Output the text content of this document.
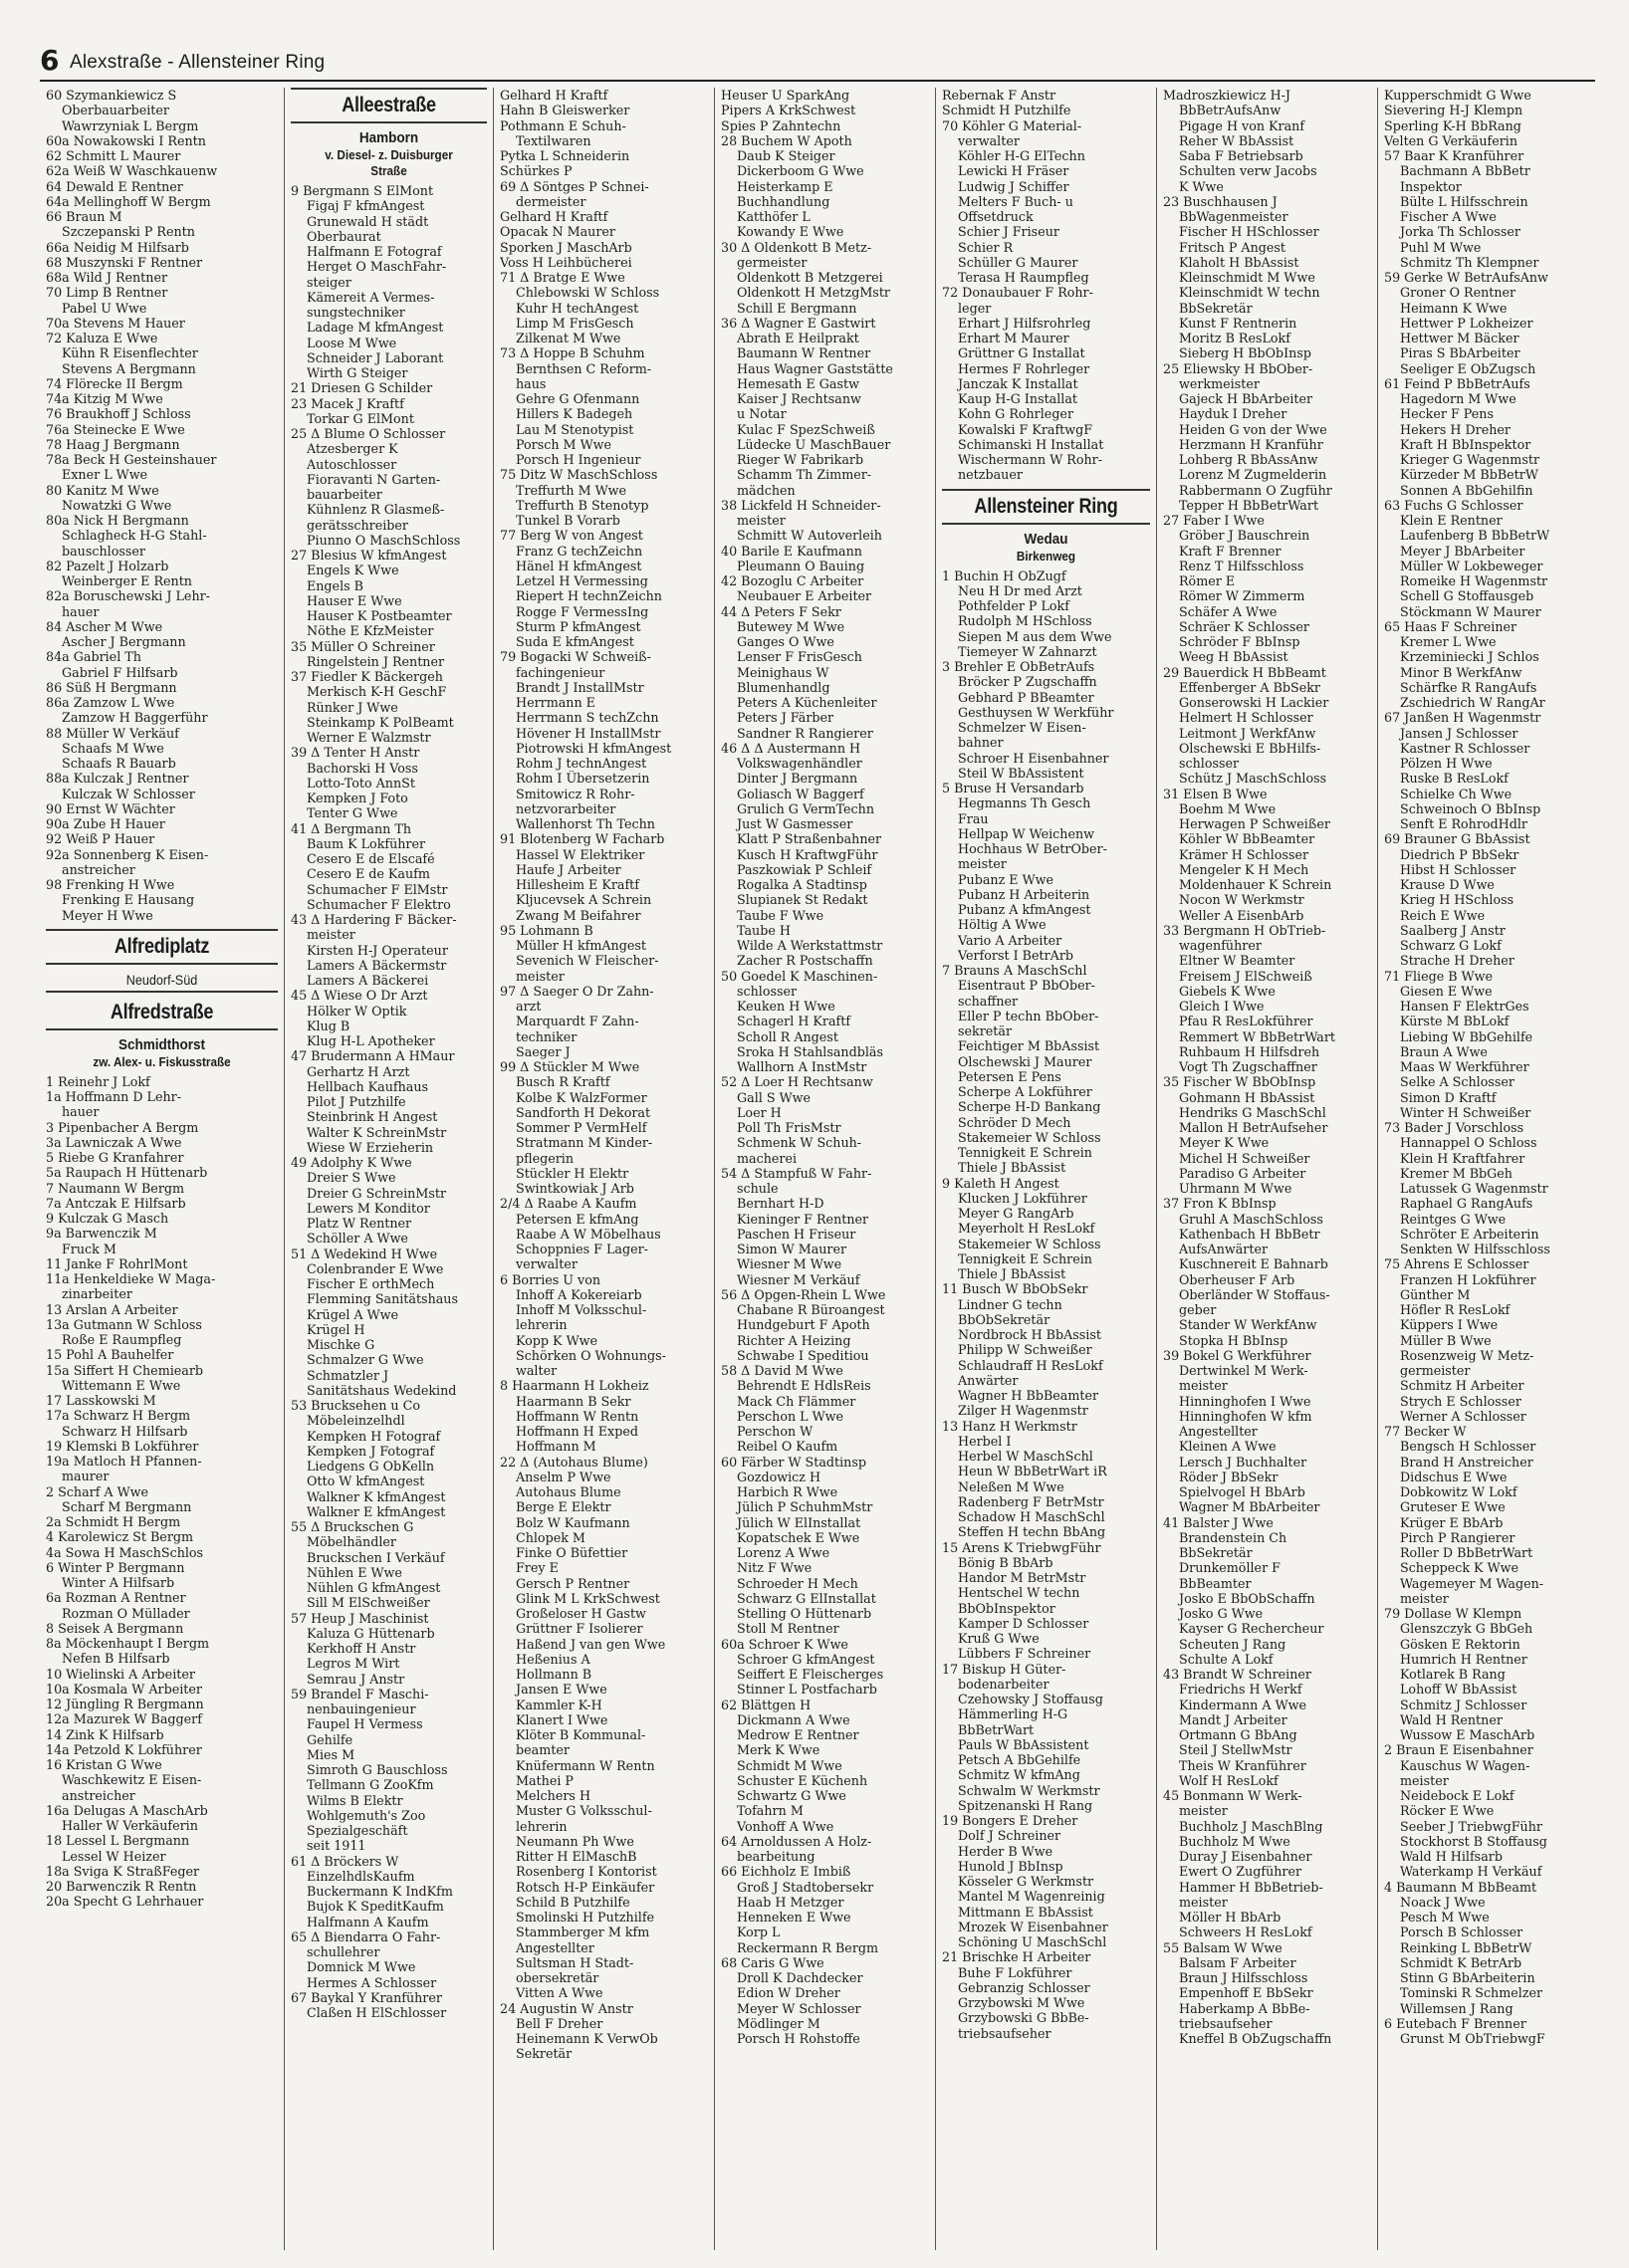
6 Alexstraße - Allensteiner Ring
60 Szymankiewicz S
Oberbauarbeiter
Wawrzyniak L Bergm
60a Nowakowski I Rentn
62 Schmitt L Maurer
62a Weiß W Waschkauenw
64 Dewald E Rentner
64a Mellinghoff W Bergm
66 Braun M
Szczepanski P Rentn
66a Neidig M Hilfsarb
68 Muszynski F Rentner
68a Wild J Rentner
70 Limp B Rentner
Pabel U Wwe
70a Stevens M Hauer
72 Kaluza E Wwe
Kühn R Eisenflechter
Stevens A Bergmann
74 Flörecke II Bergm
74a Kitzig M Wwe
76 Braukhoff J Schloss
76a Steinecke E Wwe
78 Haag J Bergmann
78a Beck H Gesteinshauer
Exner L Wwe
80 Kanitz M Wwe
Nowatzki G Wwe
80a Nick H Bergmann
Schlagheck H-G Stahl-
bauschlosser
82 Pazelt J Holzarb
Weinberger E Rentn
82a Boruschewski J Lehr-
hauer
84 Ascher M Wwe
Ascher J Bergmann
84a Gabriel Th
Gabriel F Hilfsarb
86 Süß H Bergmann
86a Zamzow L Wwe
Zamzow H Baggerführ
88 Müller W Verkäuf
Schaafs M Wwe
Schaafs R Bauarb
88a Kulczak J Rentner
Kulczak W Schlosser
90 Ernst W Wächter
90a Zube H Hauer
92 Weiß P Hauer
92a Sonnenberg K Eisen-
anstreicher
98 Frenking H Wwe
Frenking E Hausang
Meyer H Wwe
Alfrediplatz
Neudorf-Süd
Alfredstraße
Schmidthorst
zw. Alex- u. Fiskusstraße
1 Reinehr J Lokf
1a Hoffmann D Lehr-
hauer
3 Pipenbacher A Bergm
3a Lawniczak A Wwe
5 Riebe G Kranfahrer
5a Raupach H Hüttenarb
7 Naumann W Bergm
7a Antczak E Hilfsarb
9 Kulczak G Masch
9a Barwenczik M
Fruck M
11 Janke F RohrlMont
11a Henkeldieke W Maga-
zinarbeiter
13 Arslan A Arbeiter
13a Gutmann W Schloss
Roße E Raumpfleg
15 Pohl A Bauhelfer
15a Siffert H Chemiearb
Wittemann E Wwe
17 Lasskowski M
17a Schwarz H Bergm
Schwarz H Hilfsarb
19 Klemski B Lokführer
19a Matloch H Pfannen-
maurer
2 Scharf A Wwe
Scharf M Bergmann
2a Schmidt H Bergm
4 Karolewicz St Bergm
4a Sowa H MaschSchlos
6 Winter P Bergmann
Winter A Hilfsarb
6a Rozman A Rentner
Rozman O Müllader
8 Seisek A Bergmann
8a Möckenhaupt I Bergm
Nefen B Hilfsarb
10 Wielinski A Arbeiter
10a Kosmala W Arbeiter
12 Jüngling R Bergmann
12a Mazurek W Baggerf
14 Zink K Hilfsarb
14a Petzold K Lokführer
16 Kristan G Wwe
Waschkewitz E Eisen-
anstreicher
16a Delugas A MaschArb
Haller W Verkäuferin
18 Lessel L Bergmann
Lessel W Heizer
18a Sviga K StraßFeger
20 Barwenczik R Rentn
20a Specht G Lehrhauer
Alleestraße
Hamborn
v. Diesel- z. Duisburger
Straße
9 Bergmann S ElMont
Figaj F kfmAngest
Grunewald H städt
Oberbaurat
Halfmann E Fotograf
Herget O MaschFahr-
steiger
Kämereit A Vermes-
sungstechniker
Ladage M kfmAngest
Loose M Wwe
Schneider J Laborant
Wirth G Steiger
21 Driesen G Schilder
23 Macek J Kraftf
Torkar G ElMont
25 Δ Blume O Schlosser
Atzesberger K
Autoschlosser
Fioravanti N Garten-
bauarbeiter
Kühnlenz R Glasmeß-
gerätsschreiber
Piunno O MaschSchloss
27 Blesius W kfmAngest
Engels K Wwe
Engels B
Hauser E Wwe
Hauser K Postbeamter
Nöthe E KfzMeister
35 Müller O Schreiner
Ringelstein J Rentner
37 Fiedler K Bäckergeh
Merkisch K-H GeschF
Rünker J Wwe
Steinkamp K PolBeamt
Werner E Walzmstr
39 Δ Tenter H Anstr
Bachorski H Voss
Lotto-Toto AnnSt
Kempken J Foto
Tenter G Wwe
41 Δ Bergmann Th
Baum K Lokführer
Cesero E de Elscafé
Cesero E de Kaufm
Schumacher F ElMstr
Schumacher F Elektro
43 Δ Hardering F Bäcker-
meister
Kirsten H-J Operateur
Lamers A Bäckermstr
Lamers A Bäckerei
45 Δ Wiese O Dr Arzt
Hölker W Optik
Klug B
Klug H-L Apotheker
47 Brudermann A HMaur
Gerhartz H Arzt
Hellbach Kaufhaus
Pilot J Putzhilfe
Steinbrink H Angest
Walter K SchreinMstr
Wiese W Erzieherin
49 Adolphy K Wwe
Dreier S Wwe
Dreier G SchreinMstr
Lewers M Konditor
Platz W Rentner
Schöller A Wwe
51 Δ Wedekind H Wwe
Colenbrander E Wwe
Fischer E orthMech
Flemming Sanitätshaus
Krügel A Wwe
Krügel H
Mischke G
Schmalzer G Wwe
Schmatzler J
Sanitätshaus Wedekind
53 Brucksehen u Co
Möbeleinzelhdl
Kempken H Fotograf
Kempken J Fotograf
Liedgens G ObKelln
Otto W kfmAngest
Walkner K kfmAngest
Walkner E kfmAngest
55 Δ Bruckschen G
Möbelhändler
Bruckschen I Verkäuf
Nühlen E Wwe
Nühlen G kfmAngest
Sill M ElSchweißer
57 Heup J Maschinist
Kaluza G Hüttenarb
Kerkhoff H Anstr
Legros M Wirt
Semrau J Anstr
59 Brandel F Maschi-
nenbauingenieur
Faupel H Vermess
Gehilfe
Mies M
Simroth G Bauschloss
Tellmann G ZooKfm
Wilms B Elektr
Wohlgemuth's Zoo
Spezialgeschäft
seit 1911
61 Δ Bröckers W
EinzelhdlsKaufm
Buckermann K IndKfm
Bujok K SpeditKaufm
Halfmann A Kaufm
65 Δ Biendarra O Fahr-
schullehrer
Domnick M Wwe
Hermes A Schlosser
67 Baykal Y Kranführer
Claßen H ElSchlosser
Gelhard H Kraftf
Hahn B Gleiswerker
Pothmann E Schuh-
Textilwaren
Pytka L Schneiderin
Schürkes P
69 Δ Söntges P Schnei-
dermeister
Gelhard H Kraftf
Opacak N Maurer
Sporken J MaschArb
Voss H Leihbücherei
71 Δ Bratge E Wwe
Chlebowski W Schloss
Kuhr H techAngest
Limp M FrisGesch
Zilkenat M Wwe
73 Δ Hoppe B Schuhm
Bernthsen C Reform-
haus
Gehre G Ofenmann
Hillers K Badegeh
Lau M Stenotypist
Porsch M Wwe
Porsch H Ingenieur
75 Ditz W MaschSchloss
Treffurth M Wwe
Treffurth B Stenotyp
Tunkel B Vorarb
77 Berg W von Angest
Franz G techZeichn
Hänel H kfmAngest
Letzel H Vermessing
Riepert H technZeichn
Rogge F VermessIng
Sturm P kfmAngest
Suda E kfmAngest
79 Bogacki W Schweiß-
fachingenieur
Brandt J InstallMstr
Herrmann E
Herrmann S techZchn
Hövener H InstallMstr
Piotrowski H kfmAngest
Rohm J technAngest
Rohm I Übersetzerin
Smitowicz R Rohr-
netzvorarbeiter
Wallenhorst Th Techn
91 Blotenberg W Facharb
Hassel W Elektriker
Haufe J Arbeiter
Hillesheim E Kraftf
Kljucevsek A Schrein
Zwang M Beifahrer
95 Lohmann B
Müller H kfmAngest
Sevenich W Fleischer-
meister
97 Δ Saeger O Dr Zahn-
arzt
Marquardt F Zahn-
techniker
Saeger J
99 Δ Stückler M Wwe
Busch R Kraftf
Kolbe K WalzFormer
Sandforth H Dekorat
Sommer P VermHelf
Stratmann M Kinder-
pflegerin
Stückler H Elektr
Swintkowiak J Arb
2/4 Δ Raabe A Kaufm
Petersen E kfmAng
Raabe A W Möbelhaus
Schoppnies F Lager-
verwalter
6 Borries U von
Inhoff A Kokereiarb
Inhoff M Volksschul-
lehrerin
Kopp K Wwe
Schörken O Wohnungs-
walter
8 Haarmann H Lokheiz
Haarmann B Sekr
Hoffmann W Rentn
Hoffmann H Exped
Hoffmann M
22 Δ (Autohaus Blume)
Anselm P Wwe
Autohaus Blume
Berge E Elektr
Bolz W Kaufmann
Chlopek M
Finke O Büfettier
Frey E
Gersch P Rentner
Glink M L KrkSchwest
Großeloser H Gastw
Grüttner F Isolierer
Haßend J van gen Wwe
Heßenius A
Hollmann B
Jansen E Wwe
Kammler K-H
Klanert I Wwe
Klöter B Kommunal-
beamter
Knüfermann W Rentn
Mathei P
Melchers H
Muster G Volksschul-
lehrerin
Neumann Ph Wwe
Ritter H ElMaschB
Rosenberg I Kontorist
Rotsch H-P Einkäufer
Schild B Putzhilfe
Smolinski H Putzhilfe
Stammberger M kfm
Angestellter
Sultsman H Stadt-
obersekretär
Vitten A Wwe
24 Augustin W Anstr
Bell F Dreher
Heinemann K VerwOb
Sekretär
Heuser U SparkAng
Pipers A KrkSchwest
Spies P Zahntechn
28 Buchem W Apoth
Daub K Steiger
Dickerboom G Wwe
Heisterkamp E
Buchhandlung
Katthöfer L
Kowandy E Wwe
30 Δ Oldenkott B Metz-
germeister
Oldenkott B Metzgerei
Oldenkott H MetzgMstr
Schill E Bergmann
36 Δ Wagner E Gastwirt
Abrath E Heilprakt
Baumann W Rentner
Haus Wagner Gaststätte
Hemesath E Gastw
Kaiser J Rechtsanw
u Notar
Kulac F SpezSchweiß
Lüdecke U MaschBauer
Rieger W Fabrikarb
Schamm Th Zimmer-
mädchen
38 Lickfeld H Schneider-
meister
Schmitt W Autoverleih
40 Barile E Kaufmann
Pleumann O Bauing
42 Bozoglu C Arbeiter
Neubauer E Arbeiter
44 Δ Peters F Sekr
Butewey M Wwe
Ganges O Wwe
Lenser F FrisGesch
Meinighaus W
Blumenhandlg
Peters A Küchenleiter
Peters J Färber
Sandner R Rangierer
46 Δ Δ Austermann H
Volkswagenhändler
Dinter J Bergmann
Goliasch W Baggerf
Grulich G VermTechn
Just W Gasmesser
Klatt P Straßenbahner
Kusch H KraftwgFühr
Paszkowiak P Schleif
Rogalka A Stadtinsp
Slupianek St Redakt
Taube F Wwe
Taube H
Wilde A Werkstattmstr
Zacher R Postschaffn
50 Goedel K Maschinen-
schlosser
Keuken H Wwe
Schagerl H Kraftf
Scholl R Angest
Sroka H Stahlsandbläs
Wallhorn A InstMstr
52 Δ Loer H Rechtsanw
Gall S Wwe
Loer H
Poll Th FrisMstr
Schmenk W Schuh-
macherei
54 Δ Stampfuß W Fahr-
schule
Bernhart H-D
Kieninger F Rentner
Paschen H Friseur
Simon W Maurer
Wiesner M Wwe
Wiesner M Verkäuf
56 Δ Opgen-Rhein L Wwe
Chabane R Büroangest
Hundgeburt F Apoth
Richter A Heizing
Schwabe I Speditiou
58 Δ David M Wwe
Behrendt E HdlsReis
Mack Ch Flämmer
Perschon L Wwe
Perschon W
Reibel O Kaufm
60 Färber W Stadtinsp
Gozdowicz H
Harbich R Wwe
Jülich P SchuhmMstr
Jülich W ElInstallat
Kopatschek E Wwe
Lorenz A Wwe
Nitz F Wwe
Schroeder H Mech
Schwarz G ElInstallat
Stelling O Hüttenarb
Stoll M Rentner
60a Schroer K Wwe
Schroer G kfmAngest
Seiffert E Fleischerges
Stinner L Postfacharb
62 Blättgen H
Dickmann A Wwe
Medrow E Rentner
Merk K Wwe
Schmidt M Wwe
Schuster E Küchenh
Schwartz G Wwe
Tofahrn M
Vonhoff A Wwe
64 Arnoldussen A Holz-
bearbeitung
66 Eichholz E Imbiß
Groß J Stadtobersekr
Haab H Metzger
Henneken E Wwe
Korp L
Reckermann R Bergm
68 Caris G Wwe
Droll K Dachdecker
Edion W Dreher
Meyer W Schlosser
Mödlinger M
Porsch H Rohstoffe
Rebernak F Anstr
Schmidt H Putzhilfe
70 Köhler G Material-
verwalter
Köhler H-G ElTechn
Lewicki H Fräser
Ludwig J Schiffer
Melters F Buch- u
Offsetdruck
Schier J Friseur
Schier R
Schüller G Maurer
Terasa H Raumpfleg
72 Donaubauer F Rohr-
leger
Erhart J Hilfsrohrleg
Erhart M Maurer
Grüttner G Installat
Hermes F Rohrleger
Janczak K Installat
Kaup H-G Installat
Kohn G Rohrleger
Kowalski F KraftwgF
Schimanski H Installat
Wischermann W Rohr-
netzbauer
Allensteiner Ring
Wedau
Birkenweg
1 Buchin H ObZugf
Neu H Dr med Arzt
Pothfelder P Lokf
Rudolph M HSchloss
Siepen M aus dem Wwe
Tiemeyer W Zahnarzt
3 Brehler E ObBetrAufs
Bröcker P Zugschaffn
Gebhard P BBeamter
Gesthuysen W Werkführ
Schmelzer W Eisen-
bahner
Schroer H Eisenbahner
Steil W BbAssistent
5 Bruse H Versandarb
Hegmanns Th Gesch
Frau
Hellpap W Weichenw
Hochhaus W BetrOber-
meister
Pubanz E Wwe
Pubanz H Arbeiterin
Pubanz A kfmAngest
Höltig A Wwe
Vario A Arbeiter
Verforst I BetrArb
7 Brauns A MaschSchl
Eisentraut P BbOber-
schaffner
Eller P techn BbOber-
sekretär
Feichtiger M BbAssist
Olschewski J Maurer
Petersen E Pens
Scherpe A Lokführer
Scherpe H-D Bankang
Schröder D Mech
Stakemeier W Schloss
Tennigkeit E Schrein
Thiele J BbAssist
9 Kaleth H Angest
Klucken J Lokführer
Meyer G RangArb
Meyerholt H ResLokf
Stakemeier W Schloss
Tennigkeit E Schrein
Thiele J BbAssist
11 Busch W BbObSekr
Lindner G techn
BbObSekretär
Nordbrock H BbAssist
Philipp W Schweißer
Schlaudraff H ResLokf
Anwärter
Wagner H BbBeamter
Zilger H Wagenmstr
13 Hanz H Werkmstr
Herbel I
Herbel W MaschSchl
Heun W BbBetrWart iR
Neleßen M Wwe
Radenberg F BetrMstr
Schadow H MaschSchl
Steffen H techn BbAng
15 Arens K TriebwgFühr
Bönig B BbArb
Handor M BetrMstr
Hentschel W techn
BbObInspektor
Kamper D Schlosser
Kruß G Wwe
Lübbers F Schreiner
17 Biskup H Güter-
bodenarbeiter
Czehowsky J Stoffausg
Hämmerling H-G
BbBetrWart
Pauls W BbAssistent
Petsch A BbGehilfe
Schmitz W kfmAng
Schwalm W Werkmstr
Spitzenanski H Rang
19 Bongers E Dreher
Dolf J Schreiner
Herder B Wwe
Hunold J BbInsp
Kösseler G Werkmstr
Mantel M Wagenreinig
Mittmann E BbAssist
Mrozek W Eisenbahner
Schöning U MaschSchl
21 Brischke H Arbeiter
Buhe F Lokführer
Gebranzig Schlosser
Grzybowski M Wwe
Grzybowski G BbBe-
triebsaufseher
Madroszkiewicz H-J
BbBetrAufsAnw
Pigage H von Kranf
Reher W BbAssist
Saba F Betriebsarb
Schulten verw Jacobs
K Wwe
23 Buschhausen J
BbWagenmeister
Fischer H HSchlosser
Fritsch P Angest
Klaholt H BbAssist
Kleinschmidt M Wwe
Kleinschmidt W techn
BbSekretär
Kunst F Rentnerin
Moritz B ResLokf
Sieberg H BbObInsp
25 Eliewsky H BbOber-
werkmeister
Gajeck H BbArbeiter
Hayduk I Dreher
Heiden G von der Wwe
Herzmann H Kranführ
Lohberg R BbAssAnw
Lorenz M Zugmelderin
Rabbermann O Zugführ
Tepper H BbBetrWart
27 Faber I Wwe
Gröber J Bauschrein
Kraft F Brenner
Renz T Hilfsschloss
Römer E
Römer W Zimmerm
Schäfer A Wwe
Schräer K Schlosser
Schröder F BbInsp
Weeg H BbAssist
29 Bauerdick H BbBeamt
Effenberger A BbSekr
Gonserowski H Lackier
Helmert H Schlosser
Leitmont J WerkfAnw
Olschewski E BbHilfs-
schlosser
Schütz J MaschSchloss
31 Elsen B Wwe
Boehm M Wwe
Herwagen P Schweißer
Köhler W BbBeamter
Krämer H Schlosser
Mengeler K H Mech
Moldenhauer K Schrein
Nocon W Werkmstr
Weller A EisenbArb
33 Bergmann H ObTrieb-
wagenführer
Eltner W Beamter
Freisem J ElSchweiß
Giebels K Wwe
Gleich I Wwe
Pfau R ResLokführer
Remmert W BbBetrWart
Ruhbaum H Hilfsdreh
Vogt Th Zugschaffner
35 Fischer W BbObInsp
Gohmann H BbAssist
Hendriks G MaschSchl
Mallon H BetrAufseher
Meyer K Wwe
Michel H Schweißer
Paradiso G Arbeiter
Uhrmann M Wwe
37 Fron K BbInsp
Gruhl A MaschSchloss
Kathenbach H BbBetr
AufsAnwärter
Kuschnereit E Bahnarb
Oberheuser F Arb
Oberländer W Stoffaus-
geber
Stander W WerkfAnw
Stopka H BbInsp
39 Bokel G Werkführer
Dertwinkel M Werk-
meister
Hinninghofen I Wwe
Hinninghofen W kfm
Angestellter
Kleinen A Wwe
Lersch J Buchhalter
Röder J BbSekr
Spielvogel H BbArb
Wagner M BbArbeiter
41 Balster J Wwe
Brandenstein Ch
BbSekretär
Drunkemöller F
BbBeamter
Josko E BbObSchaffn
Josko G Wwe
Kayser G Rechercheur
Scheuten J Rang
Schulte A Lokf
43 Brandt W Schreiner
Friedrichs H Werkf
Kindermann A Wwe
Mandt J Arbeiter
Ortmann G BbAng
Steil J StellwMstr
Theis W Kranführer
Wolf H ResLokf
45 Bonmann W Werk-
meister
Buchholz J MaschBlng
Buchholz M Wwe
Duray J Eisenbahner
Ewert O Zugführer
Hammer H BbBetrieb-
meister
Möller H BbArb
Schweers H ResLokf
55 Balsam W Wwe
Balsam F Arbeiter
Braun J Hilfsschloss
Empenhoff E BbSekr
Haberkamp A BbBe-
triebsaufseher
Kneffel B ObZugschaffn
Kupperschmidt G Wwe
Sievering H-J Klempn
Sperling K-H BbRang
Velten G Verkäuferin
57 Baar K Kranführer
Bachmann A BbBetr
Inspektor
Bülte L Hilfsschrein
Fischer A Wwe
Jorka Th Schlosser
Puhl M Wwe
Schmitz Th Klempner
59 Gerke W BetrAufsAnw
Groner O Rentner
Heimann K Wwe
Hettwer P Lokheizer
Hettwer M Bäcker
Piras S BbArbeiter
Seeliger E ObZugsch
61 Feind P BbBetrAufs
Hagedorn M Wwe
Hecker F Pens
Hekers H Dreher
Kraft H BbInspektor
Krieger G Wagenmstr
Kürzeder M BbBetrW
Sonnen A BbGehilfin
63 Fuchs G Schlosser
Klein E Rentner
Laufenberg B BbBetrW
Meyer J BbArbeiter
Müller W Lokbeweger
Romeike H Wagenmstr
Schell G Stoffausgeb
Stöckmann W Maurer
65 Haas F Schreiner
Kremer L Wwe
Krzeminiecki J Schlos
Minor B WerkfAnw
Schärfke R RangAufs
Zschiedrich W RangAr
67 Janßen H Wagenmstr
Jansen J Schlosser
Kastner R Schlosser
Pölzen H Wwe
Ruske B ResLokf
Schielke Ch Wwe
Schweinoch O BbInsp
Senft E RohrodHdlr
69 Brauner G BbAssist
Diedrich P BbSekr
Hibst H Schlosser
Krause D Wwe
Krieg H HSchloss
Reich E Wwe
Saalberg J Anstr
Schwarz G Lokf
Strache H Dreher
71 Fliege B Wwe
Giesen E Wwe
Hansen F ElektrGes
Kürste M BbLokf
Liebing W BbGehilfe
Braun A Wwe
Maas W Werkführer
Selke A Schlosser
Simon D Kraftf
Winter H Schweißer
73 Bader J Vorschloss
Hannappel O Schloss
Klein H Kraftfahrer
Kremer M BbGeh
Latussek G Wagenmstr
Raphael G RangAufs
Reintges G Wwe
Schröter E Arbeiterin
Senkten W Hilfsschloss
75 Ahrens E Schlosser
Franzen H Lokführer
Günther M
Höfler R ResLokf
Küppers I Wwe
Müller B Wwe
Rosenzweig W Metz-
germeister
Schmitz H Arbeiter
Strych E Schlosser
Werner A Schlosser
77 Becker W
Bengsch H Schlosser
Brand H Anstreicher
Didschus E Wwe
Dobkowitz W Lokf
Gruteser E Wwe
Krüger E BbArb
Pirch P Rangierer
Roller D BbBetrWart
Scheppeck K Wwe
Wagemeyer M Wagen-
meister
79 Dollase W Klempn
Glenszczyk G BbGeh
Gösken E Rektorin
Humrich H Rentner
Kotlarek B Rang
Lohoff W BbAssist
Schmitz J Schlosser
Wald H Rentner
Wussow E MaschArb
2 Braun E Eisenbahner
Kauschus W Wagen-
meister
Neidebock E Lokf
Röcker E Wwe
Seeber J TriebwgFühr
Stockhorst B Stoffausg
Wald H Hilfsarb
Waterkamp H Verkäuf
4 Baumann M BbBeamt
Noack J Wwe
Pesch M Wwe
Porsch B Schlosser
Reinking L BbBetrW
Schmidt K BetrArb
Stinn G BbArbeiterin
Tominski R Schmelzer
Willemsen J Rang
6 Eutebach F Brenner
Grunst M ObTriebwgF
